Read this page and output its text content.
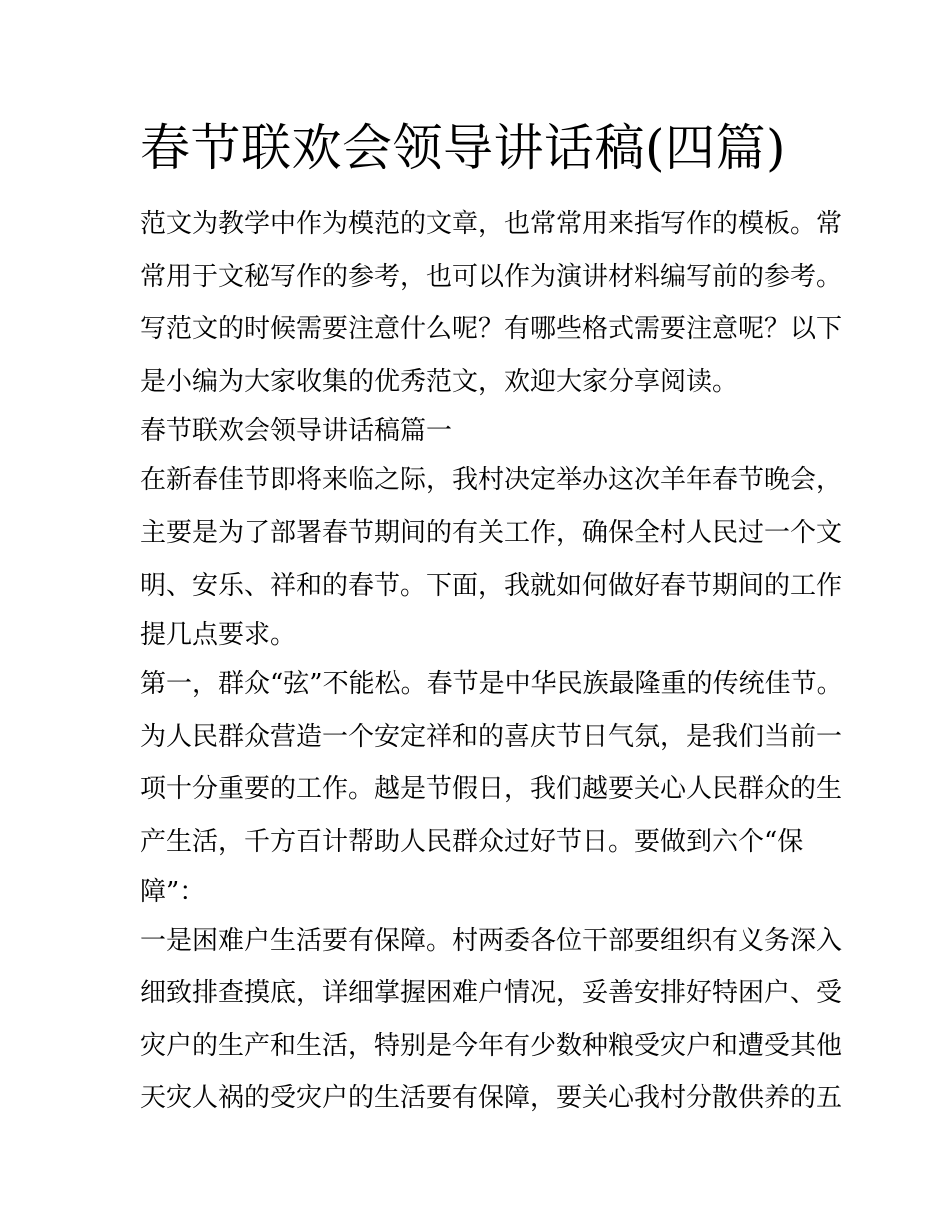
春节联欢会领导讲话稿(四篇)

范文为教学中作为模范的文章，也常常用来指写作的模板。常

常用于文秘写作的参考，也可以作为演讲材料编写前的参考。

写范文的时候需要注意什么呢？有哪些格式需要注意呢？以下

是小编为大家收集的优秀范文，欢迎大家分享阅读。

春节联欢会领导讲话稿篇一

在新春佳节即将来临之际，我村决定举办这次羊年春节晚会，

主要是为了部署春节期间的有关工作，确保全村人民过一个文

明、安乐、祥和的春节。下面，我就如何做好春节期间的工作

提几点要求。

第一，群众“弦”不能松。春节是中华民族最隆重的传统佳节。

为人民群众营造一个安定祥和的喜庆节日气氛，是我们当前一

项十分重要的工作。越是节假日，我们越要关心人民群众的生

产生活，千方百计帮助人民群众过好节日。要做到六个“保

障”：

一是困难户生活要有保障。村两委各位干部要组织有义务深入

细致排查摸底，详细掌握困难户情况，妥善安排好特困户、受

灾户的生产和生活，特别是今年有少数种粮受灾户和遭受其他

天灾人祸的受灾户的生活要有保障，要关心我村分散供养的五
